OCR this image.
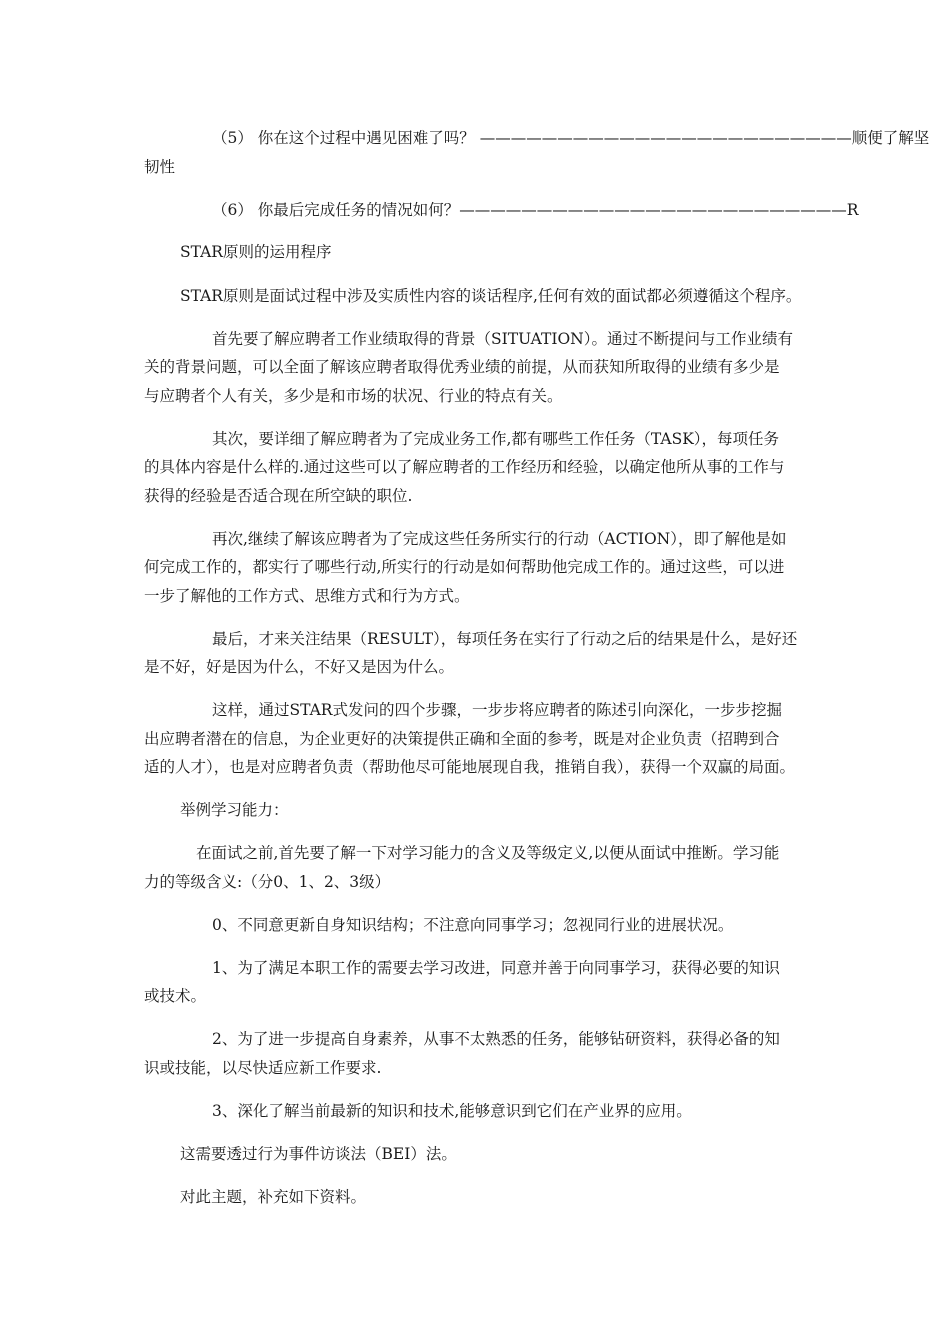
（5） 你在这个过程中遇见困难了吗？ ————————————————————————顺便了解坚
韧性
（6） 你最后完成任务的情况如何？—————————————————————————R
STAR原则的运用程序
STAR原则是面试过程中涉及实质性内容的谈话程序,任何有效的面试都必须遵循这个程序。
首先要了解应聘者工作业绩取得的背景（SITUATION）。通过不断提问与工作业绩有
关的背景问题，可以全面了解该应聘者取得优秀业绩的前提，从而获知所取得的业绩有多少是
与应聘者个人有关，多少是和市场的状况、行业的特点有关。
其次，要详细了解应聘者为了完成业务工作,都有哪些工作任务（TASK），每项任务
的具体内容是什么样的.通过这些可以了解应聘者的工作经历和经验，以确定他所从事的工作与
获得的经验是否适合现在所空缺的职位.
再次,继续了解该应聘者为了完成这些任务所实行的行动（ACTION），即了解他是如
何完成工作的，都实行了哪些行动,所实行的行动是如何帮助他完成工作的。通过这些，可以进
一步了解他的工作方式、思维方式和行为方式。
最后，才来关注结果（RESULT），每项任务在实行了行动之后的结果是什么，是好还
是不好，好是因为什么，不好又是因为什么。
这样，通过STAR式发问的四个步骤，一步步将应聘者的陈述引向深化，一步步挖掘
出应聘者潜在的信息，为企业更好的决策提供正确和全面的参考，既是对企业负责（招聘到合
适的人才），也是对应聘者负责（帮助他尽可能地展现自我，推销自我），获得一个双赢的局面。
举例学习能力：
在面试之前,首先要了解一下对学习能力的含义及等级定义,以便从面试中推断。学习能
力的等级含义:（分0、1、2、3级）
0、不同意更新自身知识结构；不注意向同事学习；忽视同行业的进展状况。
1、为了满足本职工作的需要去学习改进，同意并善于向同事学习，获得必要的知识
或技术。
2、为了进一步提高自身素养，从事不太熟悉的任务，能够钻研资料，获得必备的知
识或技能，以尽快适应新工作要求.
3、深化了解当前最新的知识和技术,能够意识到它们在产业界的应用。
这需要透过行为事件访谈法（BEI）法。
对此主题，补充如下资料。
